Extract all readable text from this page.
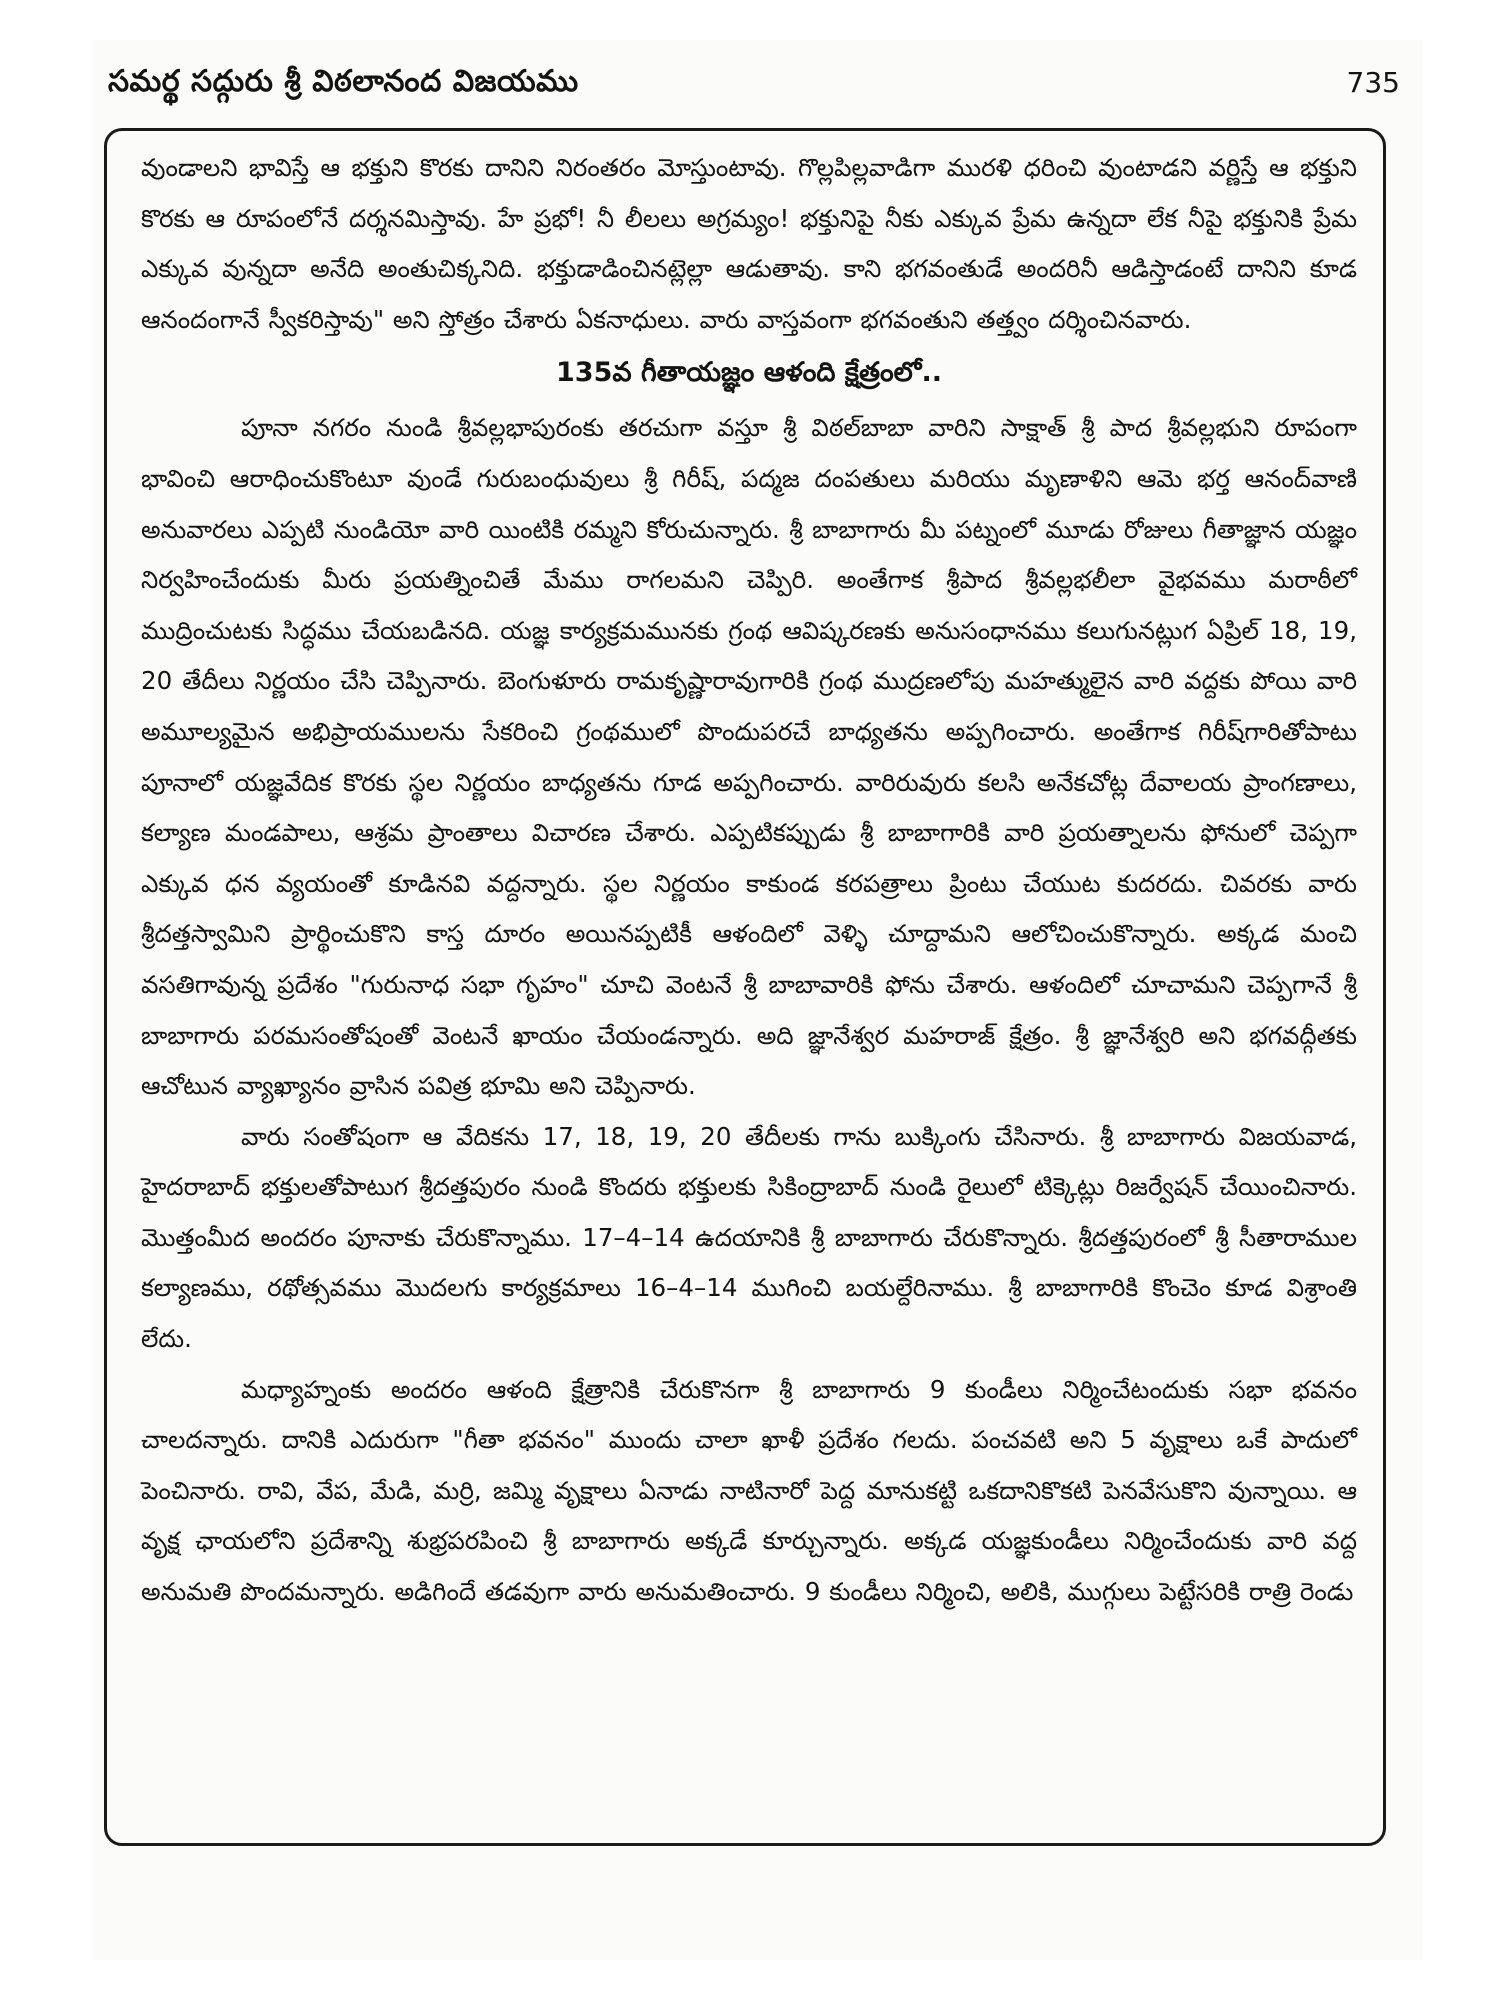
సమర్థ సద్గురు శ్రీ విఠలానంద విజయము	735

వుండాలని భావిస్తే ఆ భక్తుని కొరకు దానిని నిరంతరం మోస్తుంటావు. గొల్లపిల్లవాడిగా మురళి ధరించి వుంటాడని వర్ణిస్తే ఆ భక్తుని కొరకు ఆ రూపంలోనే దర్శనమిస్తావు. హే ప్రభో! నీ లీలలు అగ్రమ్యం! భక్తునిపై నీకు ఎక్కువ ప్రేమ ఉన్నదా లేక నీపై భక్తునికి ప్రేమ ఎక్కువ వున్నదా అనేది అంతుచిక్కనిది. భక్తుడాడించినట్లెల్లా ఆడుతావు. కాని భగవంతుడే అందరినీ ఆడిస్తాడంటే దానిని కూడ ఆనందంగానే స్వీకరిస్తావు" అని స్తోత్రం చేశారు ఏకనాధులు. వారు వాస్తవంగా భగవంతుని తత్త్వం దర్శించినవారు.

135వ గీతాయజ్ఞం ఆళంది క్షేత్రంలో..

పూనా నగరం నుండి శ్రీవల్లభాపురంకు తరచుగా వస్తూ శ్రీ విఠల్‌బాబా వారిని సాక్షాత్ శ్రీ పాద శ్రీవల్లభుని రూపంగా భావించి ఆరాధించుకొంటూ వుండే గురుబంధువులు శ్రీ గిరీష్, పద్మజ దంపతులు మరియు మృణాళిని ఆమె భర్త ఆనంద్‌వాణి అనువారలు ఎప్పటి నుండియో వారి యింటికి రమ్మని కోరుచున్నారు. శ్రీ బాబాగారు మీ పట్నంలో మూడు రోజులు గీతాజ్ఞాన యజ్ఞం నిర్వహించేందుకు మీరు ప్రయత్నించితే మేము రాగలమని చెప్పిరి. అంతేగాక శ్రీపాద శ్రీవల్లభలీలా వైభవము మరాఠీలో ముద్రించుటకు సిద్ధము చేయబడినది. యజ్ఞ కార్యక్రమమునకు గ్రంథ ఆవిష్కరణకు అనుసంధానము కలుగునట్లుగ ఏప్రిల్ 18, 19, 20 తేదీలు నిర్ణయం చేసి చెప్పినారు. బెంగుళూరు రామకృష్ణారావుగారికి గ్రంథ ముద్రణలోపు మహత్ములైన వారి వద్దకు పోయి వారి అమూల్యమైన అభిప్రాయములను సేకరించి గ్రంథములో పొందుపరచే బాధ్యతను అప్పగించారు. అంతేగాక గిరీష్‌గారితోపాటు పూనాలో యజ్ఞవేదిక కొరకు స్థల నిర్ణయం బాధ్యతను గూడ అప్పగించారు. వారిరువురు కలసి అనేకచోట్ల దేవాలయ ప్రాంగణాలు, కల్యాణ మండపాలు, ఆశ్రమ ప్రాంతాలు విచారణ చేశారు. ఎప్పటికప్పుడు శ్రీ బాబాగారికి వారి ప్రయత్నాలను ఫోనులో చెప్పగా ఎక్కువ ధన వ్యయంతో కూడినవి వద్దన్నారు. స్థల నిర్ణయం కాకుండ కరపత్రాలు ప్రింటు చేయుట కుదరదు. చివరకు వారు శ్రీదత్తస్వామిని ప్రార్థించుకొని కాస్త దూరం అయినప్పటికీ ఆళందిలో వెళ్ళి చూద్దామని ఆలోచించుకొన్నారు. అక్కడ మంచి వసతిగావున్న ప్రదేశం "గురునాధ సభా గృహం" చూచి వెంటనే శ్రీ బాబావారికి ఫోను చేశారు. ఆళందిలో చూచామని చెప్పగానే శ్రీ బాబాగారు పరమసంతోషంతో వెంటనే ఖాయం చేయండన్నారు. అది జ్ఞానేశ్వర మహరాజ్ క్షేత్రం. శ్రీ జ్ఞానేశ్వరి అని భగవద్గీతకు ఆచోటున వ్యాఖ్యానం వ్రాసిన పవిత్ర భూమి అని చెప్పినారు.

వారు సంతోషంగా ఆ వేదికను 17, 18, 19, 20 తేదీలకు గాను బుక్కింగు చేసినారు. శ్రీ బాబాగారు విజయవాడ, హైదరాబాద్ భక్తులతోపాటుగ శ్రీదత్తపురం నుండి కొందరు భక్తులకు సికింద్రాబాద్ నుండి రైలులో టిక్కెట్లు రిజర్వేషన్ చేయించినారు. మొత్తంమీద అందరం పూనాకు చేరుకొన్నాము. 17–4–14 ఉదయానికి శ్రీ బాబాగారు చేరుకొన్నారు. శ్రీదత్తపురంలో శ్రీ సీతారాముల కల్యాణము, రథోత్సవము మొదలగు కార్యక్రమాలు 16–4–14 ముగించి బయల్దేరినాము. శ్రీ బాబాగారికి కొంచెం కూడ విశ్రాంతి లేదు.

మధ్యాహ్నంకు అందరం ఆళంది క్షేత్రానికి చేరుకొనగా శ్రీ బాబాగారు 9 కుండీలు నిర్మించేటందుకు సభా భవనం చాలదన్నారు. దానికి ఎదురుగా "గీతా భవనం" ముందు చాలా ఖాళీ ప్రదేశం గలదు. పంచవటి అని 5 వృక్షాలు ఒకే పాదులో పెంచినారు. రావి, వేప, మేడి, మర్రి, జమ్మి వృక్షాలు ఏనాడు నాటినారో పెద్ద మానుకట్టి ఒకదానికొకటి పెనవేసుకొని వున్నాయి. ఆ వృక్ష ఛాయలోని ప్రదేశాన్ని శుభ్రపరపించి శ్రీ బాబాగారు అక్కడే కూర్చున్నారు. అక్కడ యజ్ఞకుండీలు నిర్మించేందుకు వారి వద్ద అనుమతి పొందమన్నారు. అడిగిందే తడవుగా వారు అనుమతించారు. 9 కుండీలు నిర్మించి, అలికి, ముగ్గులు పెట్టేసరికి రాత్రి రెండు
